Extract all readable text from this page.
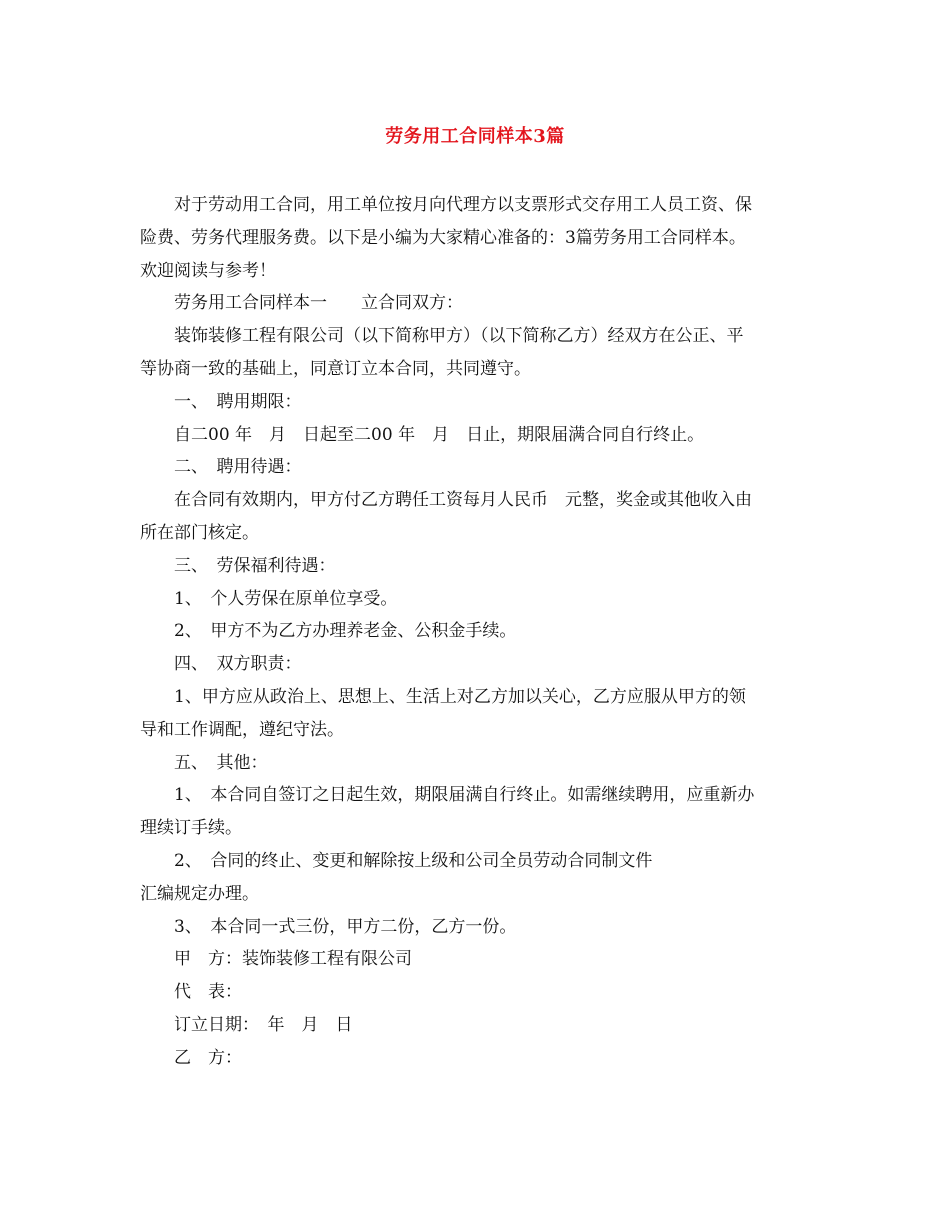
劳务用工合同样本3篇

对于劳动用工合同，用工单位按月向代理方以支票形式交存用工人员工资、保

险费、劳务代理服务费。以下是小编为大家精心准备的：3篇劳务用工合同样本。

欢迎阅读与参考！

劳务用工合同样本一　　立合同双方：

装饰装修工程有限公司（以下简称甲方）（以下简称乙方）经双方在公正、平

等协商一致的基础上，同意订立本合同，共同遵守。

一、　聘用期限：

自二00 年　月　日起至二00 年　月　日止，期限届满合同自行终止。

二、　聘用待遇：

在合同有效期内，甲方付乙方聘任工资每月人民币　元整，奖金或其他收入由

所在部门核定。

三、　劳保福利待遇：

1、　个人劳保在原单位享受。

2、　甲方不为乙方办理养老金、公积金手续。

四、　双方职责：

1、甲方应从政治上、思想上、生活上对乙方加以关心，乙方应服从甲方的领

导和工作调配，遵纪守法。

五、　其他：

1、　本合同自签订之日起生效，期限届满自行终止。如需继续聘用，应重新办

理续订手续。

2、　合同的终止、变更和解除按上级和公司全员劳动合同制文件

汇编规定办理。

3、　本合同一式三份，甲方二份，乙方一份。

甲　方：装饰装修工程有限公司

代　表：

订立日期：　年　月　日

乙　方：
